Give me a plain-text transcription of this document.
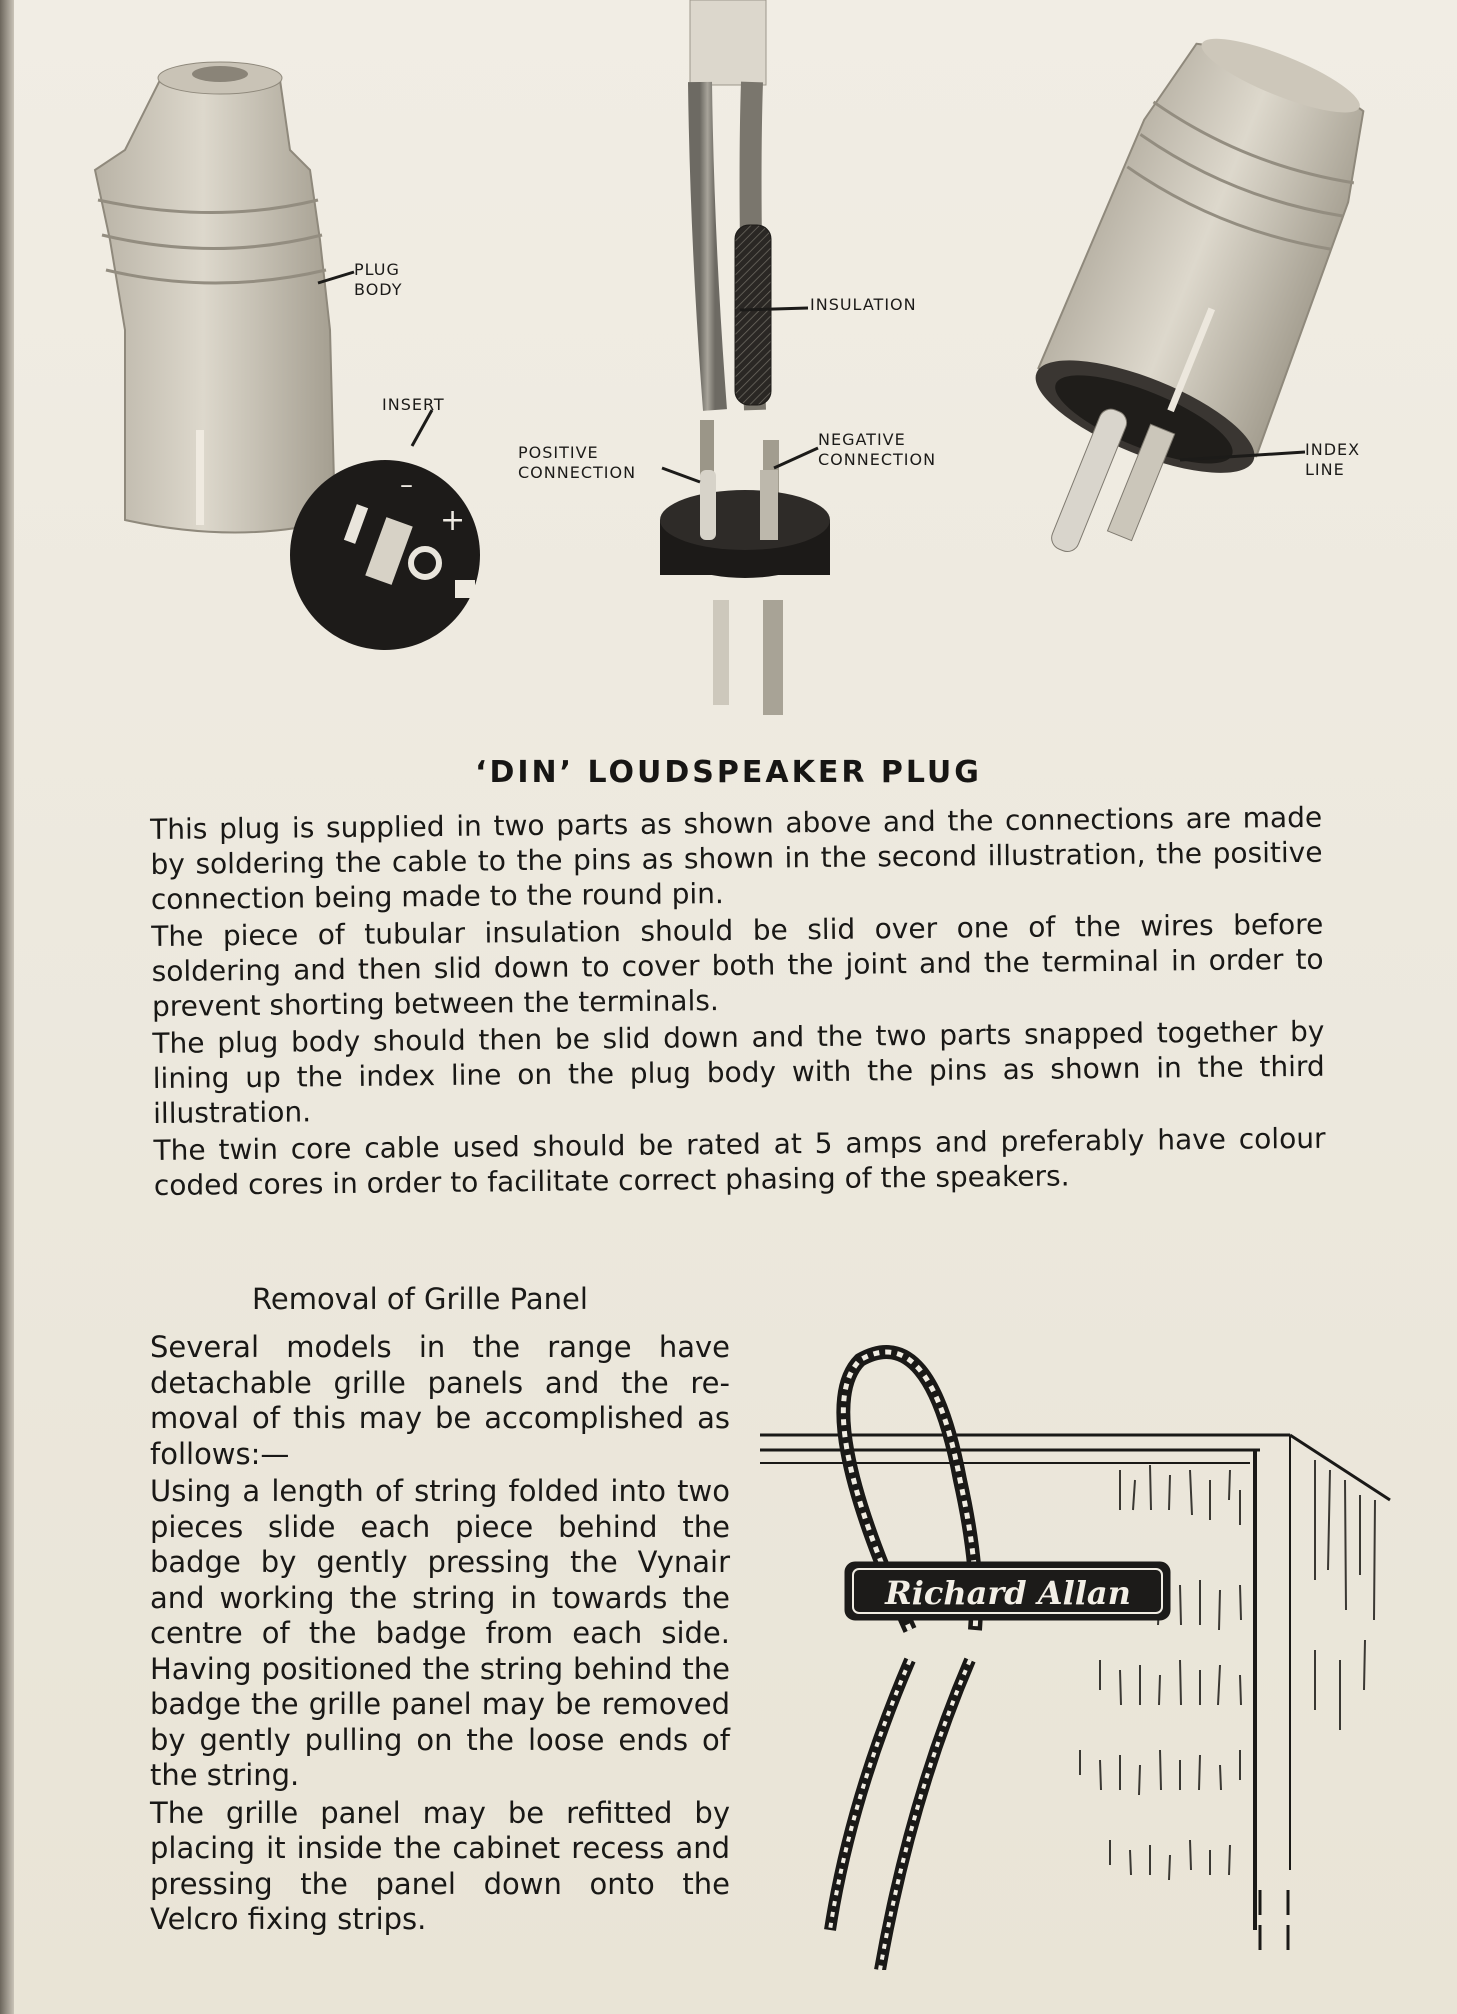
–
+
PLUG
BODY
INSERT
INSULATION
POSITIVE
CONNECTION
NEGATIVE
CONNECTION
INDEX
LINE
‘DIN’ LOUDSPEAKER PLUG

This plug is supplied in two parts as shown above and the connections are made by soldering the cable to the pins as shown in the second illustration, the positive connection being made to the round pin.

The piece of tubular insulation should be slid over one of the wires before soldering and then slid down to cover both the joint and the terminal in order to prevent shorting between the terminals.

The plug body should then be slid down and the two parts snapped together by lining up the index line on the plug body with the pins as shown in the third illustration.

The twin core cable used should be rated at 5 amps and preferably have colour coded cores in order to facilitate correct phasing of the speakers.

Removal of Grille Panel

Several models in the range have detachable grille panels and the re-moval of this may be accomplished as follows:—

Using a length of string folded into two pieces slide each piece behind the badge by gently pressing the Vynair and working the string in towards the centre of the badge from each side. Having positioned the string behind the badge the grille panel may be removed by gently pulling on the loose ends of the string.

The grille panel may be refitted by placing it inside the cabinet recess and pressing the panel down onto the Velcro fixing strips.

Richard Allan
